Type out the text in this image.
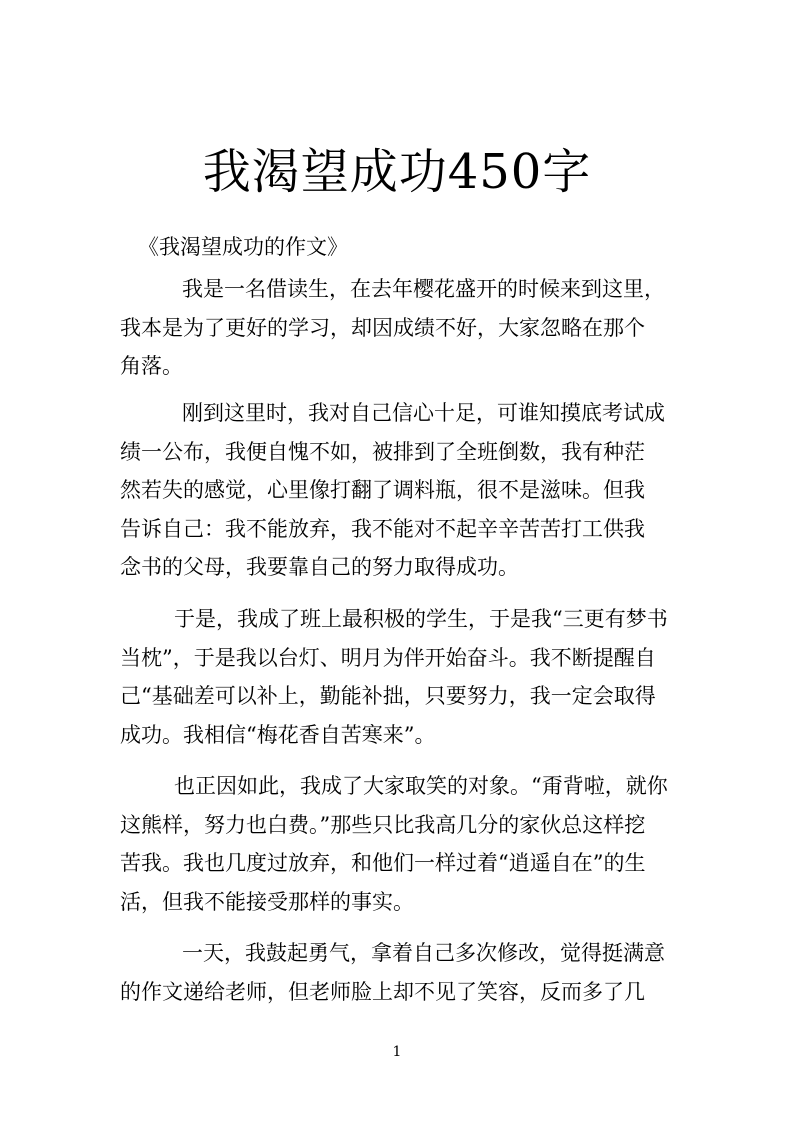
我渴望成功450字

《我渴望成功的作文》

我是一名借读生，在去年樱花盛开的时候来到这里，
我本是为了更好的学习，却因成绩不好，大家忽略在那个
角落。
刚到这里时，我对自己信心十足，可谁知摸底考试成
绩一公布，我便自愧不如，被排到了全班倒数，我有种茫
然若失的感觉，心里像打翻了调料瓶，很不是滋味。但我
告诉自己：我不能放弃，我不能对不起辛辛苦苦打工供我
念书的父母，我要靠自己的努力取得成功。
于是，我成了班上最积极的学生，于是我“三更有梦书
当枕”，于是我以台灯、明月为伴开始奋斗。我不断提醒自
己“基础差可以补上，勤能补拙，只要努力，我一定会取得
成功。我相信“梅花香自苦寒来”。
也正因如此，我成了大家取笑的对象。“甭背啦，就你
这熊样，努力也白费。”那些只比我高几分的家伙总这样挖
苦我。我也几度过放弃，和他们一样过着“逍遥自在”的生
活，但我不能接受那样的事实。
一天，我鼓起勇气，拿着自己多次修改，觉得挺满意
的作文递给老师，但老师脸上却不见了笑容，反而多了几
1
